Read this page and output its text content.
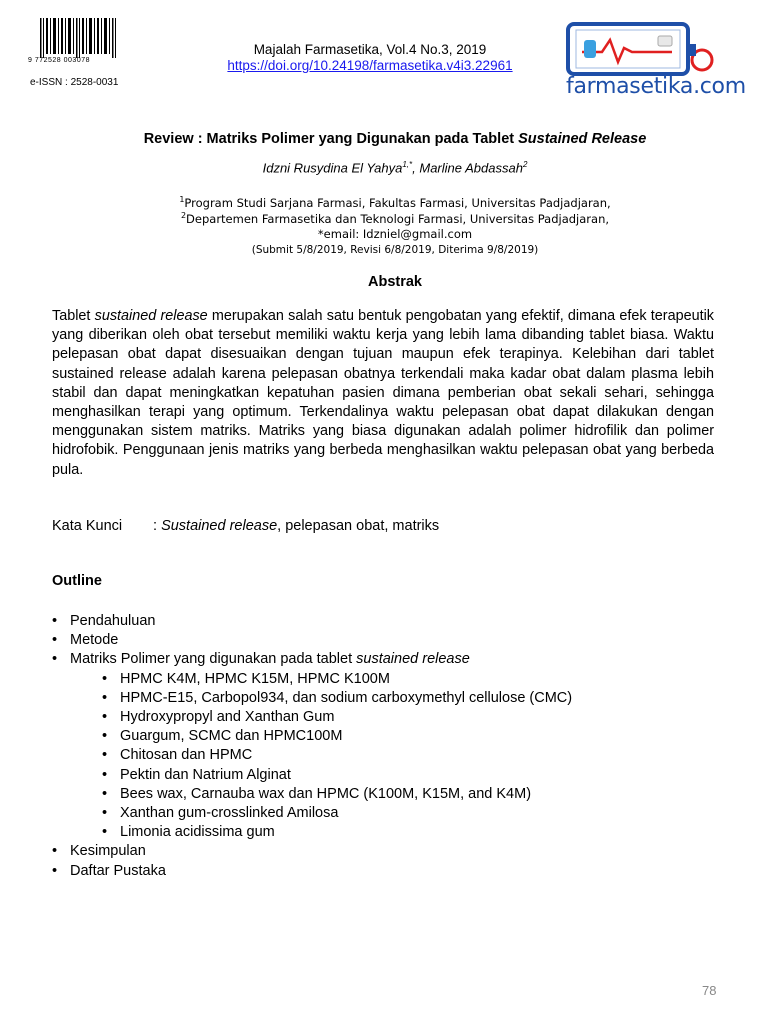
9 772528 003078
e-ISSN : 2528-0031
Majalah Farmasetika, Vol.4 No.3, 2019
https://doi.org/10.24198/farmasetika.v4i3.22961
farmasetika.com
Review : Matriks Polimer yang Digunakan pada Tablet Sustained Release
Idzni Rusydina El Yahya$^{1,*}$, Marline Abdassah$^2$
$^1$Program Studi Sarjana Farmasi, Fakultas Farmasi, Universitas Padjadjaran,
$^2$Departemen Farmasetika dan Teknologi Farmasi, Universitas Padjadjaran,
*email: Idzniel@gmail.com
(Submit 5/8/2019, Revisi 6/8/2019, Diterima 9/8/2019)
Abstrak
Tablet sustained release merupakan salah satu bentuk pengobatan yang efektif, dimana efek terapeutik yang diberikan oleh obat tersebut memiliki waktu kerja yang lebih lama dibanding tablet biasa. Waktu pelepasan obat dapat disesuaikan dengan tujuan maupun efek terapinya. Kelebihan dari tablet sustained release adalah karena pelepasan obatnya terkendali maka kadar obat dalam plasma lebih stabil dan dapat meningkatkan kepatuhan pasien dimana pemberian obat sekali sehari, sehingga menghasilkan terapi yang optimum. Terkendalinya waktu pelepasan obat dapat dilakukan dengan menggunakan sistem matriks. Matriks yang biasa digunakan adalah polimer hidrofilik dan polimer hidrofobik. Penggunaan jenis matriks yang berbeda menghasilkan waktu pelepasan obat yang berbeda pula.
Kata Kunci : Sustained release, pelepasan obat, matriks
Outline
• Pendahuluan
• Metode
• Matriks Polimer yang digunakan pada tablet sustained release
• HPMC K4M, HPMC K15M, HPMC K100M
• HPMC-E15, Carbopol934, dan sodium carboxymethyl cellulose (CMC)
• Hydroxypropyl and Xanthan Gum
• Guargum, SCMC dan HPMC100M
• Chitosan dan HPMC
• Pektin dan Natrium Alginat
• Bees wax, Carnauba wax dan HPMC (K100M, K15M, and K4M)
• Xanthan gum-crosslinked Amilosa
• Limonia acidissima gum
• Kesimpulan
• Daftar Pustaka
78
